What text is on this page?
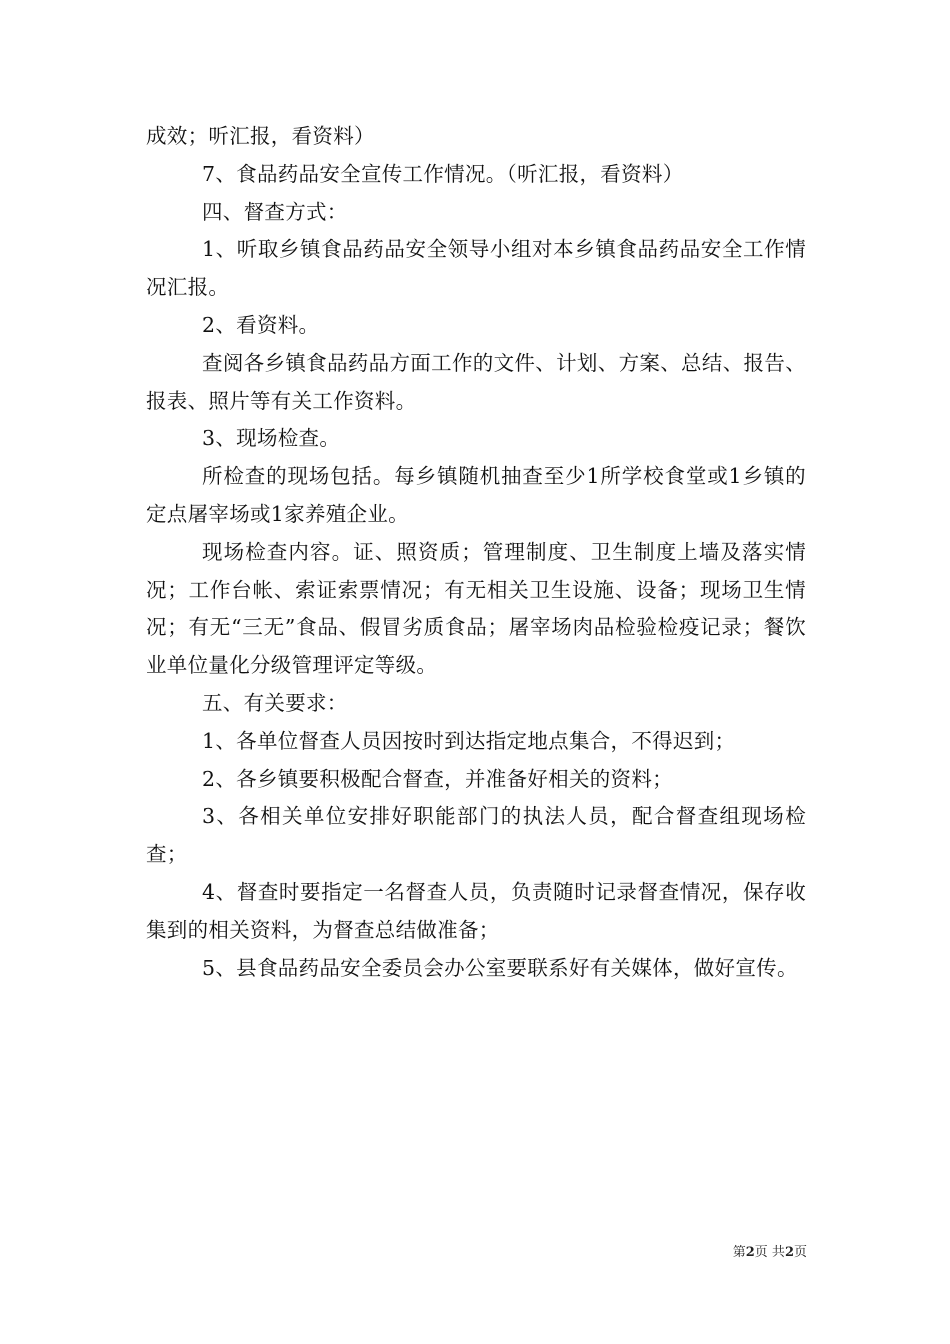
成效；听汇报，看资料）

7、食品药品安全宣传工作情况。（听汇报，看资料）

四、督查方式：

1、听取乡镇食品药品安全领导小组对本乡镇食品药品安全工作情况汇报。

2、看资料。

查阅各乡镇食品药品方面工作的文件、计划、方案、总结、报告、报表、照片等有关工作资料。

3、现场检查。

所检查的现场包括。每乡镇随机抽查至少1所学校食堂或1乡镇的定点屠宰场或1家养殖企业。

现场检查内容。证、照资质；管理制度、卫生制度上墙及落实情况；工作台帐、索证索票情况；有无相关卫生设施、设备；现场卫生情况；有无“三无”食品、假冒劣质食品；屠宰场肉品检验检疫记录；餐饮业单位量化分级管理评定等级。

五、有关要求：

1、各单位督查人员因按时到达指定地点集合，不得迟到；

2、各乡镇要积极配合督查，并准备好相关的资料；

3、各相关单位安排好职能部门的执法人员，配合督查组现场检查；

4、督查时要指定一名督查人员，负责随时记录督查情况，保存收集到的相关资料，为督查总结做准备；

5、县食品药品安全委员会办公室要联系好有关媒体，做好宣传。

第2页 共2页
